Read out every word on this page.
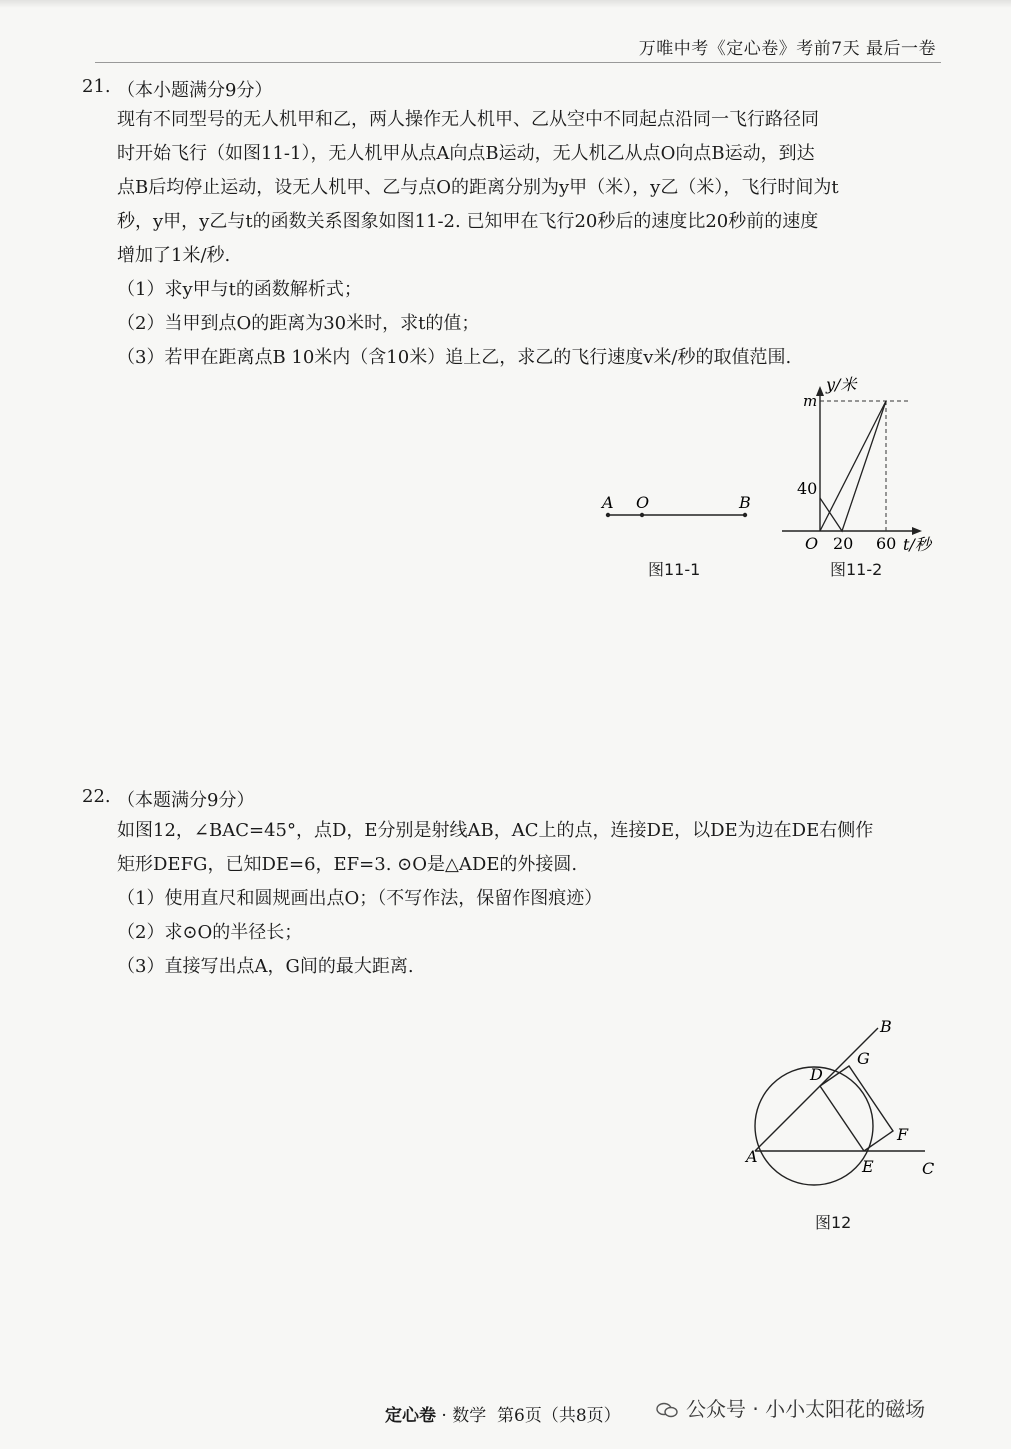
万唯中考《定心卷》考前7天 最后一卷
21. （本小题满分9分）
现有不同型号的无人机甲和乙，两人操作无人机甲、乙从空中不同起点沿同一飞行路径同
时开始飞行（如图11-1），无人机甲从点A向点B运动，无人机乙从点O向点B运动，到达
点B后均停止运动，设无人机甲、乙与点O的距离分别为y甲（米），y乙（米），飞行时间为t
秒，y甲，y乙与t的函数关系图象如图11-2. 已知甲在飞行20秒后的速度比20秒前的速度
增加了1米/秒.
（1）求y甲与t的函数解析式；
（2）当甲到点O的距离为30米时，求t的值；
（3）若甲在距离点B 10米内（含10米）追上乙，求乙的飞行速度v米/秒的取值范围.
A O	B
图11-1
y/米
m
40
O 20 60 t/秒
图11-2
22. （本题满分9分）
如图12，∠BAC=45°，点D，E分别是射线AB，AC上的点，连接DE，以DE为边在DE右侧作
矩形DEFG，已知DE=6，EF=3. ⊙O是△ADE的外接圆.
（1）使用直尺和圆规画出点O；（不写作法，保留作图痕迹）
（2）求⊙O的半径长；
（3）直接写出点A，G间的最大距离.
A
B
C
D
E
F
G
图12
定心卷 · 数学 第6页（共8页）	公众号 · 小小太阳花的磁场
